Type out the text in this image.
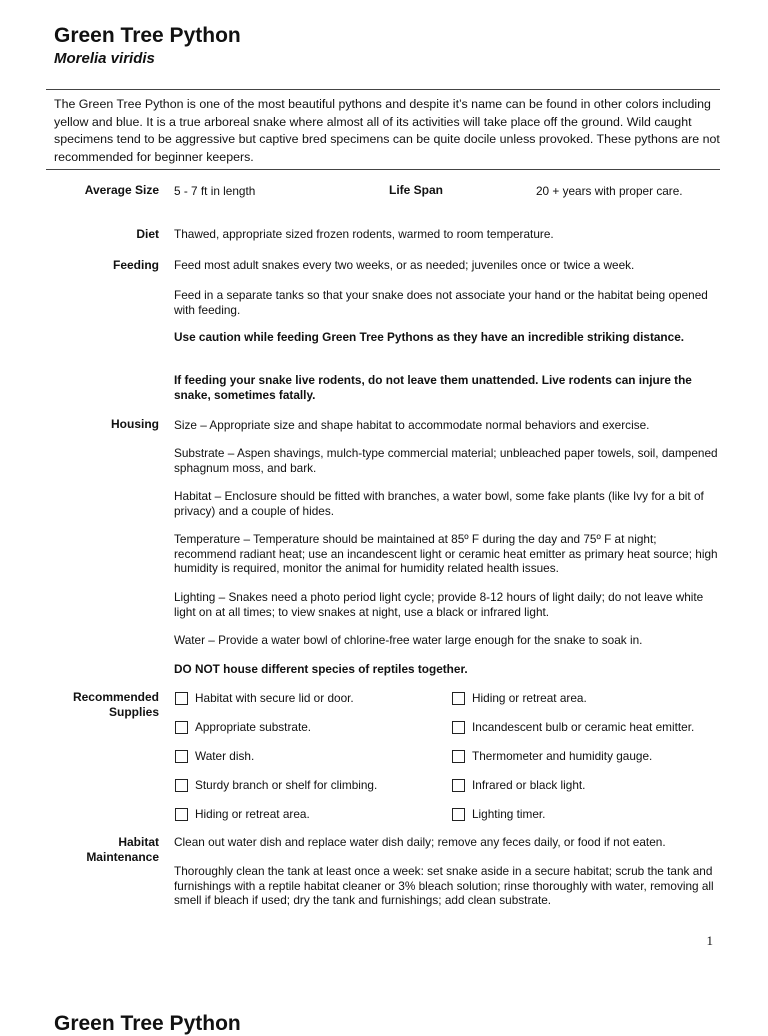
Green Tree Python
Morelia viridis
The Green Tree Python is one of the most beautiful pythons and despite it’s name can be found in other colors including yellow and blue. It is a true arboreal snake where almost all of its activities will take place off the ground. Wild caught specimens tend to be aggressive but captive bred specimens can be quite docile unless provoked. These pythons are not recommended for beginner keepers.
Average Size 5 - 7 ft in length	Life Span	20 + years with proper care.
Diet Thawed, appropriate sized frozen rodents, warmed to room temperature.
Feeding Feed most adult snakes every two weeks, or as needed; juveniles once or twice a week.
Feed in a separate tanks so that your snake does not associate your hand or the habitat being opened with feeding.
Use caution while feeding Green Tree Pythons as they have an incredible striking distance.
If feeding your snake live rodents, do not leave them unattended. Live rodents can injure the snake, sometimes fatally.
Housing Size – Appropriate size and shape habitat to accommodate normal behaviors and exercise.
Substrate – Aspen shavings, mulch-type commercial material; unbleached paper towels, soil, dampened sphagnum moss, and bark.
Habitat – Enclosure should be fitted with branches, a water bowl, some fake plants (like Ivy for a bit of privacy) and a couple of hides.
Temperature – Temperature should be maintained at 85º F during the day and 75º F at night; recommend radiant heat; use an incandescent light or ceramic heat emitter as primary heat source; high humidity is required, monitor the animal for humidity related health issues.
Lighting – Snakes need a photo period light cycle; provide 8-12 hours of light daily; do not leave white light on at all times; to view snakes at night, use a black or infrared light.
Water – Provide a water bowl of chlorine-free water large enough for the snake to soak in.
DO NOT house different species of reptiles together.
Recommended
Supplies
Habitat with secure lid or door.
Appropriate substrate.
Water dish.
Sturdy branch or shelf for climbing.
Hiding or retreat area.
Hiding or retreat area.
Incandescent bulb or ceramic heat emitter.
Thermometer and humidity gauge.
Infrared or black light.
Lighting timer.
Habitat
Maintenance
Clean out water dish and replace water dish daily; remove any feces daily, or food if not eaten.
Thoroughly clean the tank at least once a week: set snake aside in a secure habitat; scrub the tank and furnishings with a reptile habitat cleaner or 3% bleach solution; rinse thoroughly with water, removing all smell if bleach if used; dry the tank and furnishings; add clean substrate.
1
Green Tree Python
